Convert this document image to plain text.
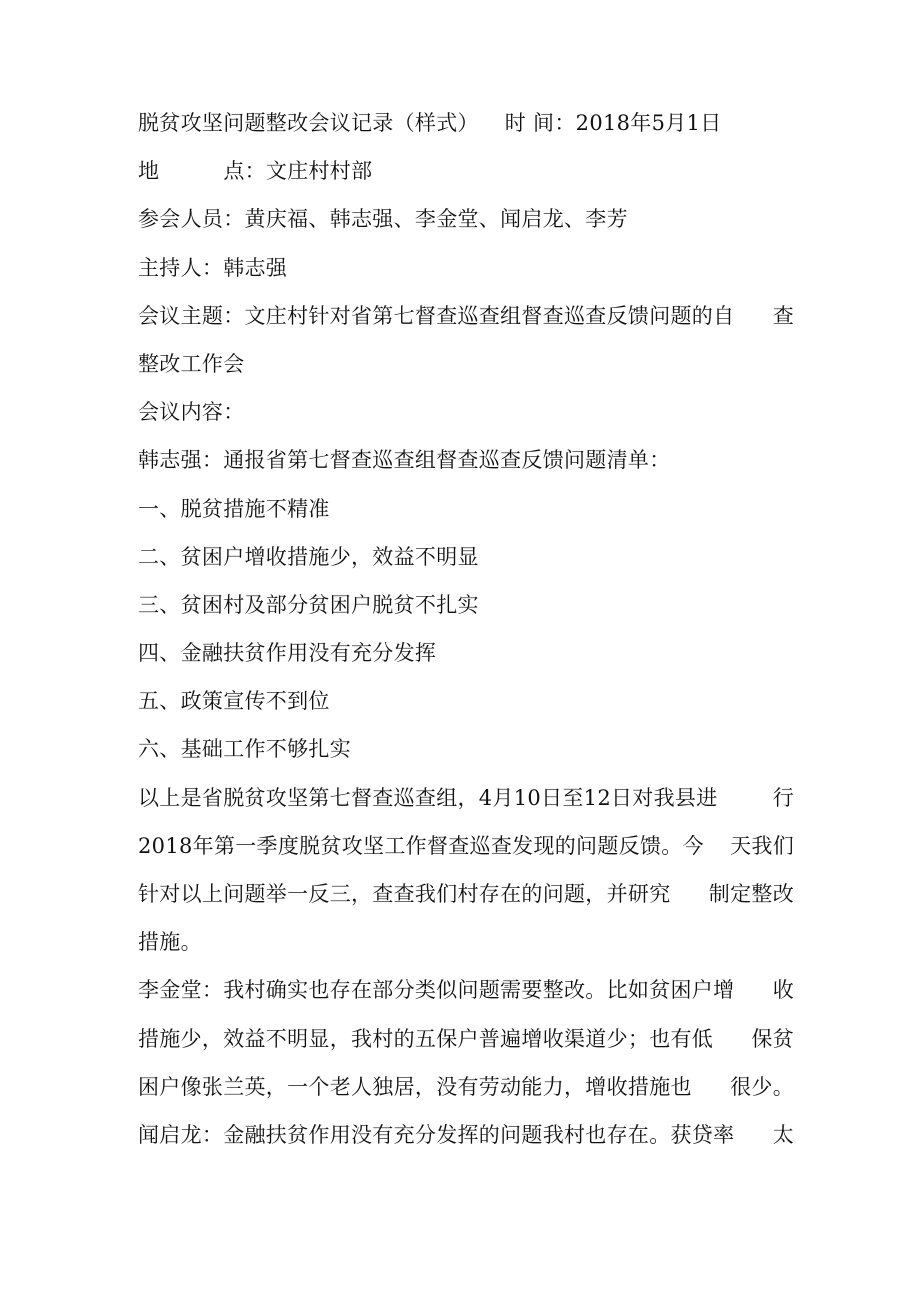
脱贫攻坚问题整改会议记录（样式） 时 间：2018年5月1日
地	点：文庄村村部
参会人员：黄庆福、韩志强、李金堂、闻启龙、李芳
主持人：韩志强
会议主题：文庄村针对省第七督查巡查组督查巡查反馈问题的自 查
整改工作会
会议内容：
韩志强：通报省第七督查巡查组督查巡查反馈问题清单：
一、脱贫措施不精准
二、贫困户增收措施少，效益不明显
三、贫困村及部分贫困户脱贫不扎实
四、金融扶贫作用没有充分发挥
五、政策宣传不到位
六、基础工作不够扎实
以上是省脱贫攻坚第七督查巡查组，4月10日至12日对我县进	行
2018年第一季度脱贫攻坚工作督查巡查发现的问题反馈。今 天我们
针对以上问题举一反三，查查我们村存在的问题，并研究 制定整改
措施。
李金堂：我村确实也存在部分类似问题需要整改。比如贫困户增 收
措施少，效益不明显，我村的五保户普遍增收渠道少；也有低 保贫
困户像张兰英，一个老人独居，没有劳动能力，增收措施也 很少。
闻启龙：金融扶贫作用没有充分发挥的问题我村也存在。获贷率 太
